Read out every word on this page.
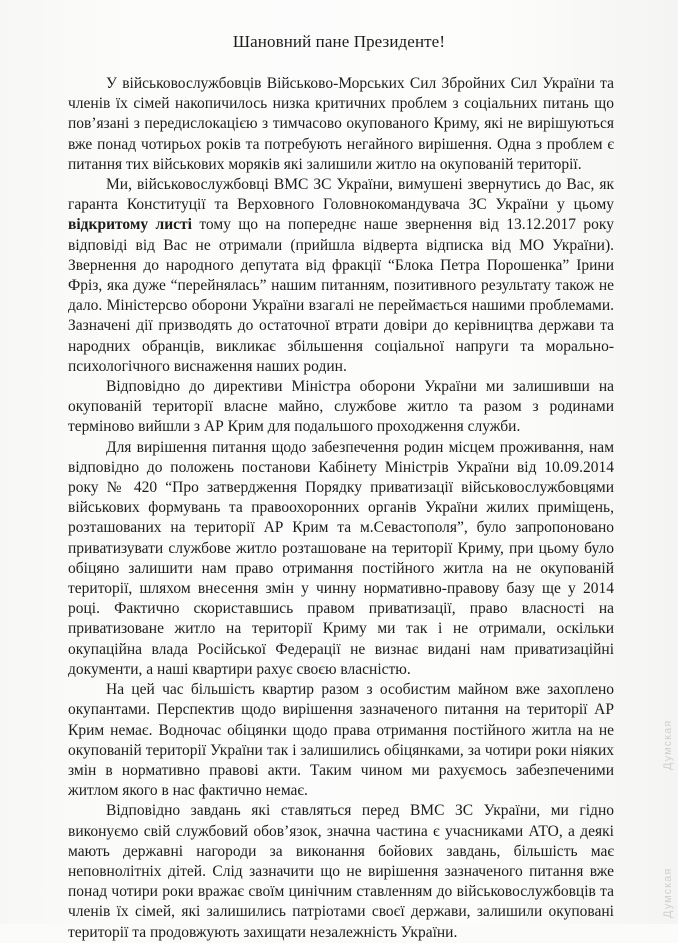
Шановний пане Президенте!

У військовослужбовців Військово-Морських Сил Збройних Сил України та членів їх сімей накопичилось низка критичних проблем з соціальних питань що пов’язані з передислокацією з тимчасово окупованого Криму, які не вирішуються вже понад чотирьох років та потребують негайного вирішення. Одна з проблем є питання тих військових моряків які залишили житло на окупованій території.

Ми, військовослужбовці ВМС ЗС України, вимушені звернутись до Вас, як гаранта Конституції та Верховного Головнокомандувача ЗС України у цьому відкритому листі тому що на попереднє наше звернення від 13.12.2017 року відповіді від Вас не отримали (прийшла відверта відписка від МО України). Звернення до народного депутата від фракції “Блока Петра Порошенка” Ірини Фріз, яка дуже “перейнялась” нашим питанням, позитивного результату також не дало. Міністерсво оборони України взагалі не переймається нашими проблемами. Зазначені дії призводять до остаточної втрати довіри до керівництва держави та народних обранців, викликає збільшення соціальної напруги та морально-психологічного виснаження наших родин.

Відповідно до директиви Міністра оборони України ми залишивши на окупованій території власне майно, службове житло та разом з родинами терміново вийшли з АР Крим для подальшого проходження служби.

Для вирішення питання щодо забезпечення родин місцем проживання, нам відповідно до положень постанови Кабінету Міністрів України від 10.09.2014 року № 420 “Про затвердження Порядку приватизації військовослужбовцями військових формувань та правоохоронних органів України жилих приміщень, розташованих на території АР Крим та м.Севастополя”, було запропоновано приватизувати службове житло розташоване на території Криму, при цьому було обіцяно залишити нам право отримання постійного житла на не окупованій території, шляхом внесення змін у чинну нормативно-правову базу ще у 2014 році. Фактично скориставшись правом приватизації, право власності на приватизоване житло на території Криму ми так і не отримали, оскільки окупаційна влада Російської Федерації не визнає видані нам приватизаційні документи, а наші квартири рахує своєю власністю.

На цей час більшість квартир разом з особистим майном вже захоплено окупантами. Перспектив щодо вирішення зазначеного питання на території АР Крим немає. Водночас обіцянки щодо права отримання постійного житла на не окупованій території України так і залишились обіцянками, за чотири роки ніяких змін в нормативно правові акти. Таким чином ми рахуємось забезпеченими житлом якого в нас фактично немає.

Відповідно завдань які ставляться перед ВМС ЗС України, ми гідно виконуємо свій службовий обов’язок, значна частина є учасниками АТО, а деякі мають державні нагороди за виконання бойових завдань, більшість має неповнолітніх дітей. Слід зазначити що не вирішення зазначеного питання вже понад чотири роки вражає своїм цинічним ставленням до військовослужбовців та членів їх сімей, які залишились патріотами своєї держави, залишили окуповані території та продовжують захищати незалежність України.

Думская
Думская
